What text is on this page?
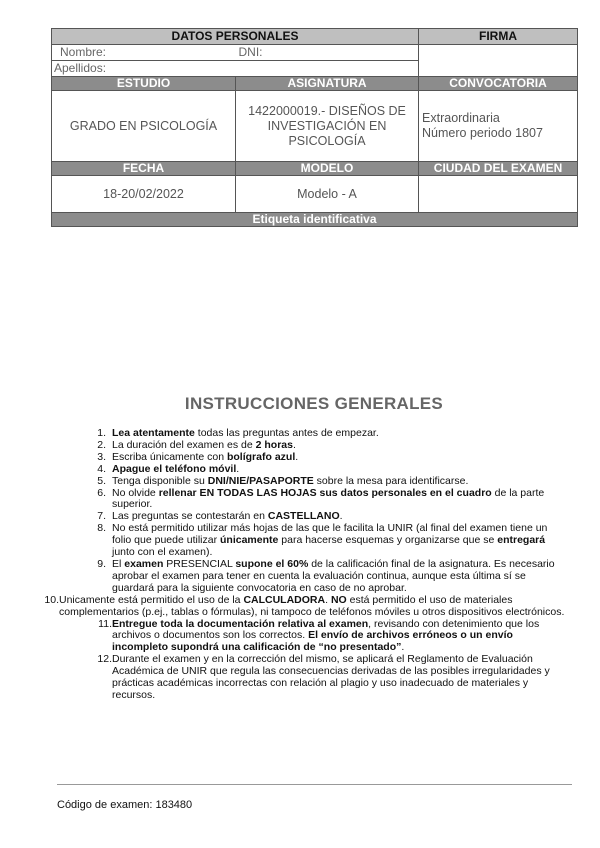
DATOS PERSONALES		FIRMA
Nombre:	DNI:	
Apellidos:		
ESTUDIO	ASIGNATURA	CONVOCATORIA
GRADO EN PSICOLOGÍA	1422000019.- DISEÑOS DE INVESTIGACIÓN EN PSICOLOGÍA	Extraordinaria
Número periodo 1807

FECHA	MODELO	CIUDAD DEL EXAMEN
18-20/02/2022	Modelo - A	
Etiqueta identificativa		
INSTRUCCIONES GENERALES
1. Lea atentamente todas las preguntas antes de empezar.
2. La duración del examen es de 2 horas.
3. Escriba únicamente con bolígrafo azul.
4. Apague el teléfono móvil.
5. Tenga disponible su DNI/NIE/PASAPORTE sobre la mesa para identificarse.
6. No olvide rellenar EN TODAS LAS HOJAS sus datos personales en el cuadro de la parte superior.
7. Las preguntas se contestarán en CASTELLANO.
8. No está permitido utilizar más hojas de las que le facilita la UNIR (al final del examen tiene un folio que puede utilizar únicamente para hacerse esquemas y organizarse que se entregará junto con el examen).
9. El examen PRESENCIAL supone el 60% de la calificación final de la asignatura. Es necesario aprobar el examen para tener en cuenta la evaluación continua, aunque esta última sí se guardará para la siguiente convocatoria en caso de no aprobar.
10. Unicamente está permitido el uso de la CALCULADORA. NO está permitido el uso de materiales complementarios (p.ej., tablas o fórmulas), ni tampoco de teléfonos móviles u otros dispositivos electrónicos.
11. Entregue toda la documentación relativa al examen, revisando con detenimiento que los archivos o documentos son los correctos. El envío de archivos erróneos o un envío incompleto supondrá una calificación de “no presentado”.
12. Durante el examen y en la corrección del mismo, se aplicará el Reglamento de Evaluación Académica de UNIR que regula las consecuencias derivadas de las posibles irregularidades y prácticas académicas incorrectas con relación al plagio y uso inadecuado de materiales y recursos.
Código de examen: 183480
